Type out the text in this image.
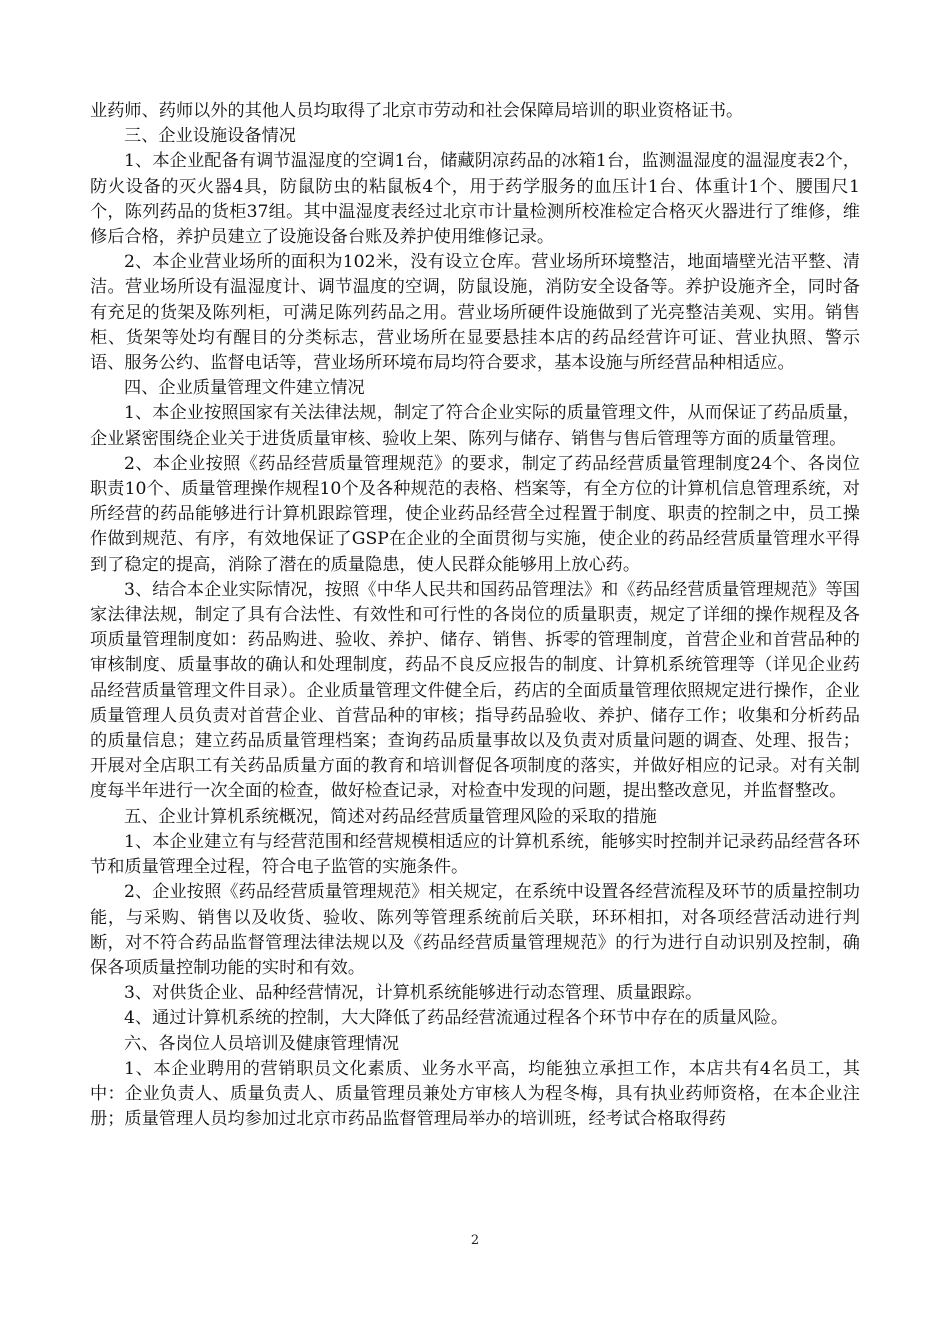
业药师、药师以外的其他人员均取得了北京市劳动和社会保障局培训的职业资格证书。

三、企业设施设备情况

1、本企业配备有调节温湿度的空调1台，储藏阴凉药品的冰箱1台，监测温湿度的温湿度表2个，防火设备的灭火器4具，防鼠防虫的粘鼠板4个，用于药学服务的血压计1台、体重计1个、腰围尺1个，陈列药品的货柜37组。其中温湿度表经过北京市计量检测所校准检定合格灭火器进行了维修，维修后合格，养护员建立了设施设备台账及养护使用维修记录。

2、本企业营业场所的面积为102米，没有设立仓库。营业场所环境整洁，地面墙壁光洁平整、清洁。营业场所设有温湿度计、调节温度的空调，防鼠设施，消防安全设备等。养护设施齐全，同时备有充足的货架及陈列柜，可满足陈列药品之用。营业场所硬件设施做到了光亮整洁美观、实用。销售柜、货架等处均有醒目的分类标志，营业场所在显要悬挂本店的药品经营许可证、营业执照、警示语、服务公约、监督电话等，营业场所环境布局均符合要求，基本设施与所经营品种相适应。

四、企业质量管理文件建立情况

1、本企业按照国家有关法律法规，制定了符合企业实际的质量管理文件，从而保证了药品质量，企业紧密围绕企业关于进货质量审核、验收上架、陈列与储存、销售与售后管理等方面的质量管理。

2、本企业按照《药品经营质量管理规范》的要求，制定了药品经营质量管理制度24个、各岗位职责10个、质量管理操作规程10个及各种规范的表格、档案等，有全方位的计算机信息管理系统，对所经营的药品能够进行计算机跟踪管理，使企业药品经营全过程置于制度、职责的控制之中，员工操作做到规范、有序，有效地保证了GSP在企业的全面贯彻与实施，使企业的药品经营质量管理水平得到了稳定的提高，消除了潜在的质量隐患，使人民群众能够用上放心药。

3、结合本企业实际情况，按照《中华人民共和国药品管理法》和《药品经营质量管理规范》等国家法律法规，制定了具有合法性、有效性和可行性的各岗位的质量职责，规定了详细的操作规程及各项质量管理制度如：药品购进、验收、养护、储存、销售、拆零的管理制度，首营企业和首营品种的审核制度、质量事故的确认和处理制度，药品不良反应报告的制度、计算机系统管理等（详见企业药品经营质量管理文件目录）。企业质量管理文件健全后，药店的全面质量管理依照规定进行操作，企业质量管理人员负责对首营企业、首营品种的审核；指导药品验收、养护、储存工作；收集和分析药品的质量信息；建立药品质量管理档案；查询药品质量事故以及负责对质量问题的调查、处理、报告；开展对全店职工有关药品质量方面的教育和培训督促各项制度的落实，并做好相应的记录。对有关制度每半年进行一次全面的检查，做好检查记录，对检查中发现的问题，提出整改意见，并监督整改。

五、企业计算机系统概况，简述对药品经营质量管理风险的采取的措施

1、本企业建立有与经营范围和经营规模相适应的计算机系统，能够实时控制并记录药品经营各环节和质量管理全过程，符合电子监管的实施条件。

2、企业按照《药品经营质量管理规范》相关规定，在系统中设置各经营流程及环节的质量控制功能，与采购、销售以及收货、验收、陈列等管理系统前后关联，环环相扣，对各项经营活动进行判断，对不符合药品监督管理法律法规以及《药品经营质量管理规范》的行为进行自动识别及控制，确保各项质量控制功能的实时和有效。

3、对供货企业、品种经营情况，计算机系统能够进行动态管理、质量跟踪。

4、通过计算机系统的控制，大大降低了药品经营流通过程各个环节中存在的质量风险。

六、各岗位人员培训及健康管理情况

1、本企业聘用的营销职员文化素质、业务水平高，均能独立承担工作，本店共有4名员工，其中：企业负责人、质量负责人、质量管理员兼处方审核人为程冬梅，具有执业药师资格，在本企业注册；质量管理人员均参加过北京市药品监督管理局举办的培训班，经考试合格取得药

2
